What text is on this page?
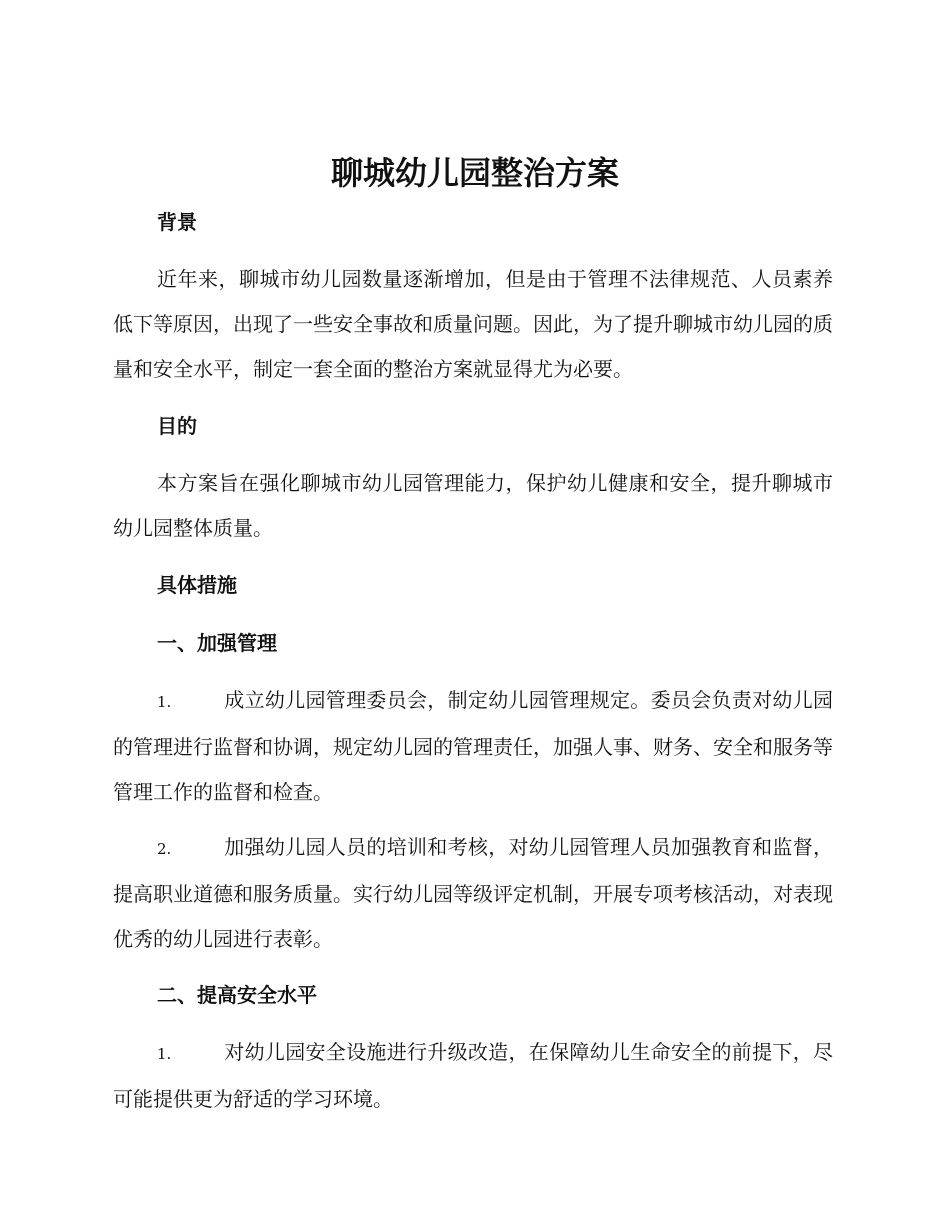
聊城幼儿园整治方案
背景

近年来，聊城市幼儿园数量逐渐增加，但是由于管理不法律规范、人员素养低下等原因，出现了一些安全事故和质量问题。因此，为了提升聊城市幼儿园的质量和安全水平，制定一套全面的整治方案就显得尤为必要。

目的

本方案旨在强化聊城市幼儿园管理能力，保护幼儿健康和安全，提升聊城市幼儿园整体质量。

具体措施
一、加强管理

1.	成立幼儿园管理委员会，制定幼儿园管理规定。委员会负责对幼儿园的管理进行监督和协调，规定幼儿园的管理责任，加强人事、财务、安全和服务等管理工作的监督和检查。

2.	加强幼儿园人员的培训和考核，对幼儿园管理人员加强教育和监督，提高职业道德和服务质量。实行幼儿园等级评定机制，开展专项考核活动，对表现优秀的幼儿园进行表彰。

二、提高安全水平

1.	对幼儿园安全设施进行升级改造，在保障幼儿生命安全的前提下，尽可能提供更为舒适的学习环境。
